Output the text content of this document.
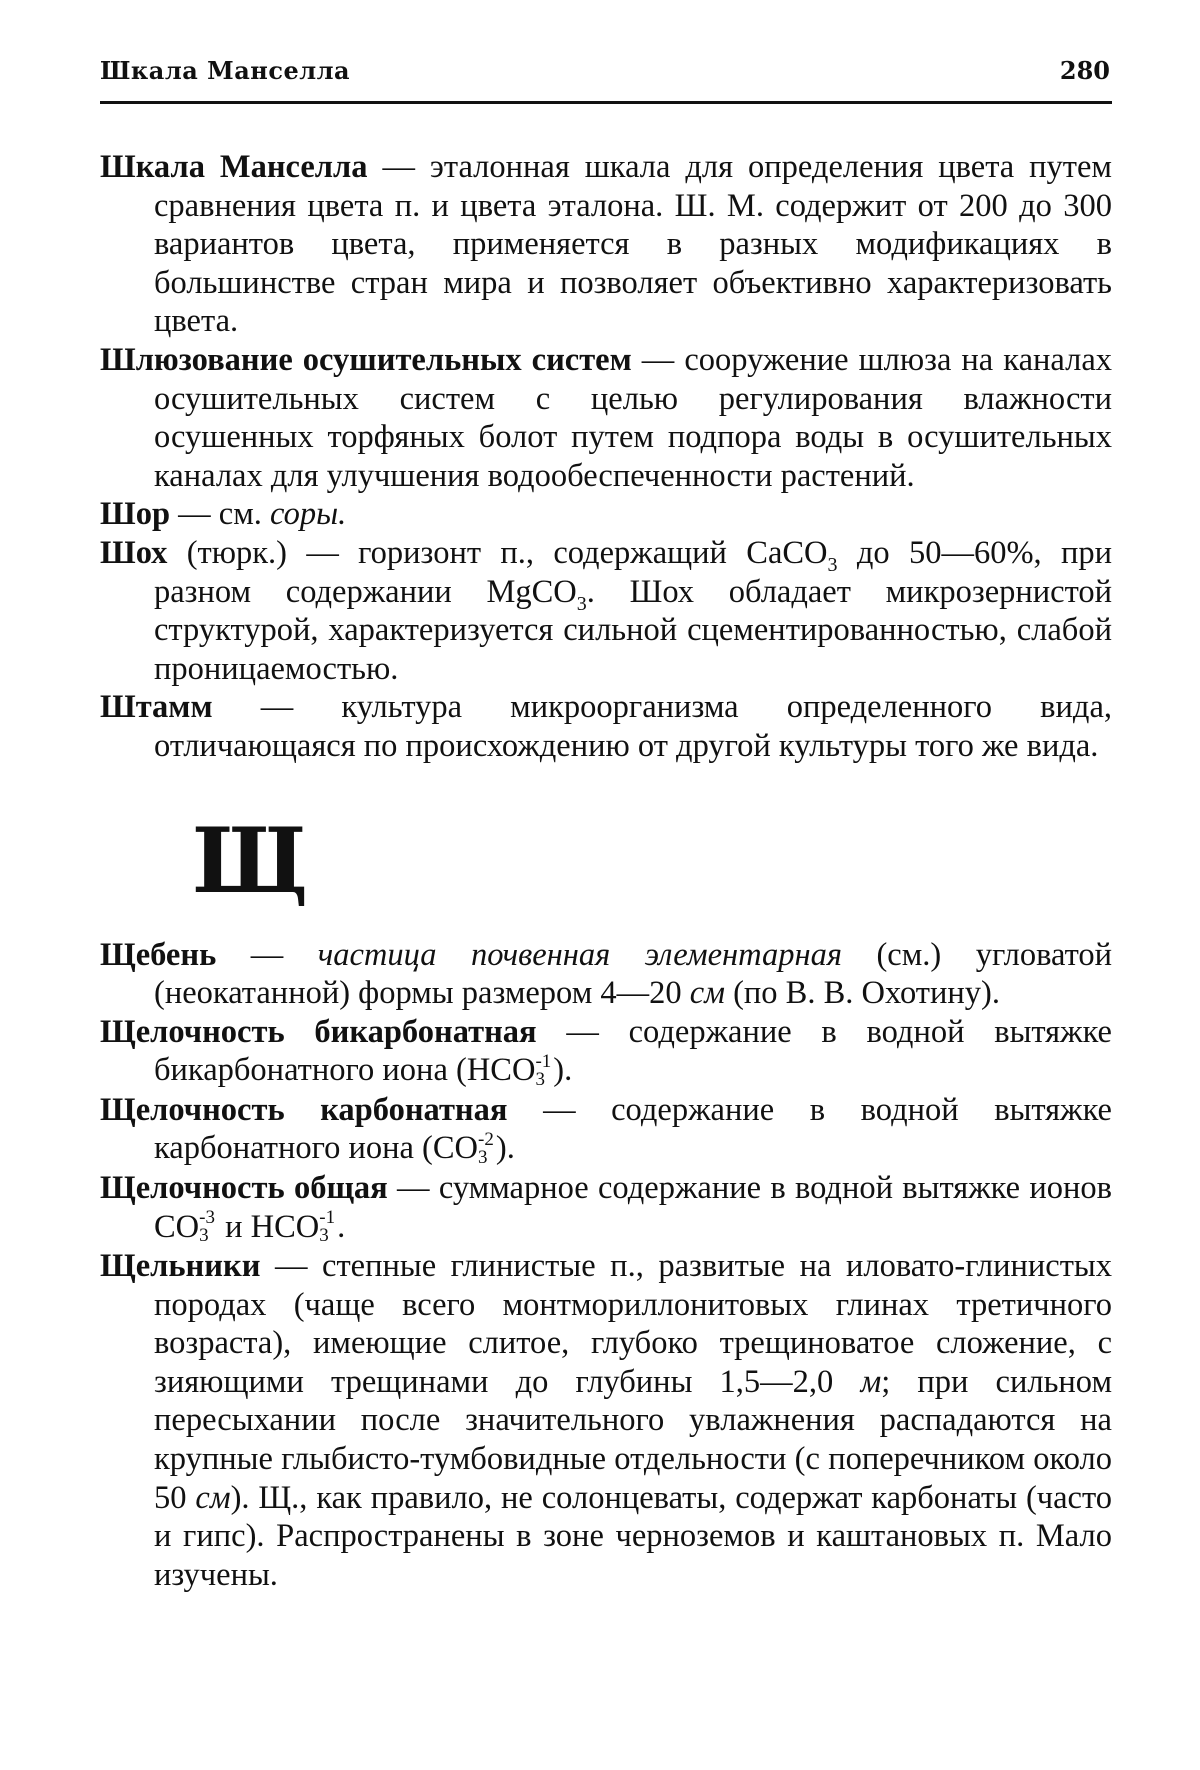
Шкала Манселла	280

Шкала Манселла — эталонная шкала для определения цвета путем сравнения цвета п. и цвета эталона. Ш. М. содержит от 200 до 300 вариантов цвета, применяется в разных модификациях в большинстве стран мира и позволяет объективно характеризовать цвета.

Шлюзование осушительных систем — сооружение шлюза на каналах осушительных систем с целью регулирования влажности осушенных торфяных болот путем подпора воды в осушительных каналах для улучшения водообеспеченности растений.

Шор — см. соры.

Шох (тюрк.) — горизонт п., содержащий CaCO$_3$ до 50—60%, при разном содержании MgCO$_3$. Шох обладает микрозернистой структурой, характеризуется сильной сцементированностью, слабой проницаемостью.

Штамм — культура микроорганизма определенного вида, отличающаяся по происхождению от другой культуры того же вида.

Щ

Щебень — частица почвенная элементарная (см.) угловатой (неокатанной) формы размером 4—20 см (по В. В. Охотину).

Щелочность бикарбонатная — содержание в водной вытяжке бикарбонатного иона (HCO -1
3 ).

Щелочность карбонатная — содержание в водной вытяжке карбонатного иона (CO -2
3 ).

Щелочность общая — суммарное содержание в водной вытяжке ионов CO -3
3 и HCO -1
3 .

Щельники — степные глинистые п., развитые на иловато-глинистых породах (чаще всего монтмориллонитовых глинах третичного возраста), имеющие слитое, глубоко трещиноватое сложение, с зияющими трещинами до глубины 1,5—2,0 м; при сильном пересыхании после значительного увлажнения распадаются на крупные глыбисто-тумбовидные отдельности (с поперечником около 50 см). Щ., как правило, не солонцеваты, содержат карбонаты (часто и гипс). Распространены в зоне черноземов и каштановых п. Мало изучены.
